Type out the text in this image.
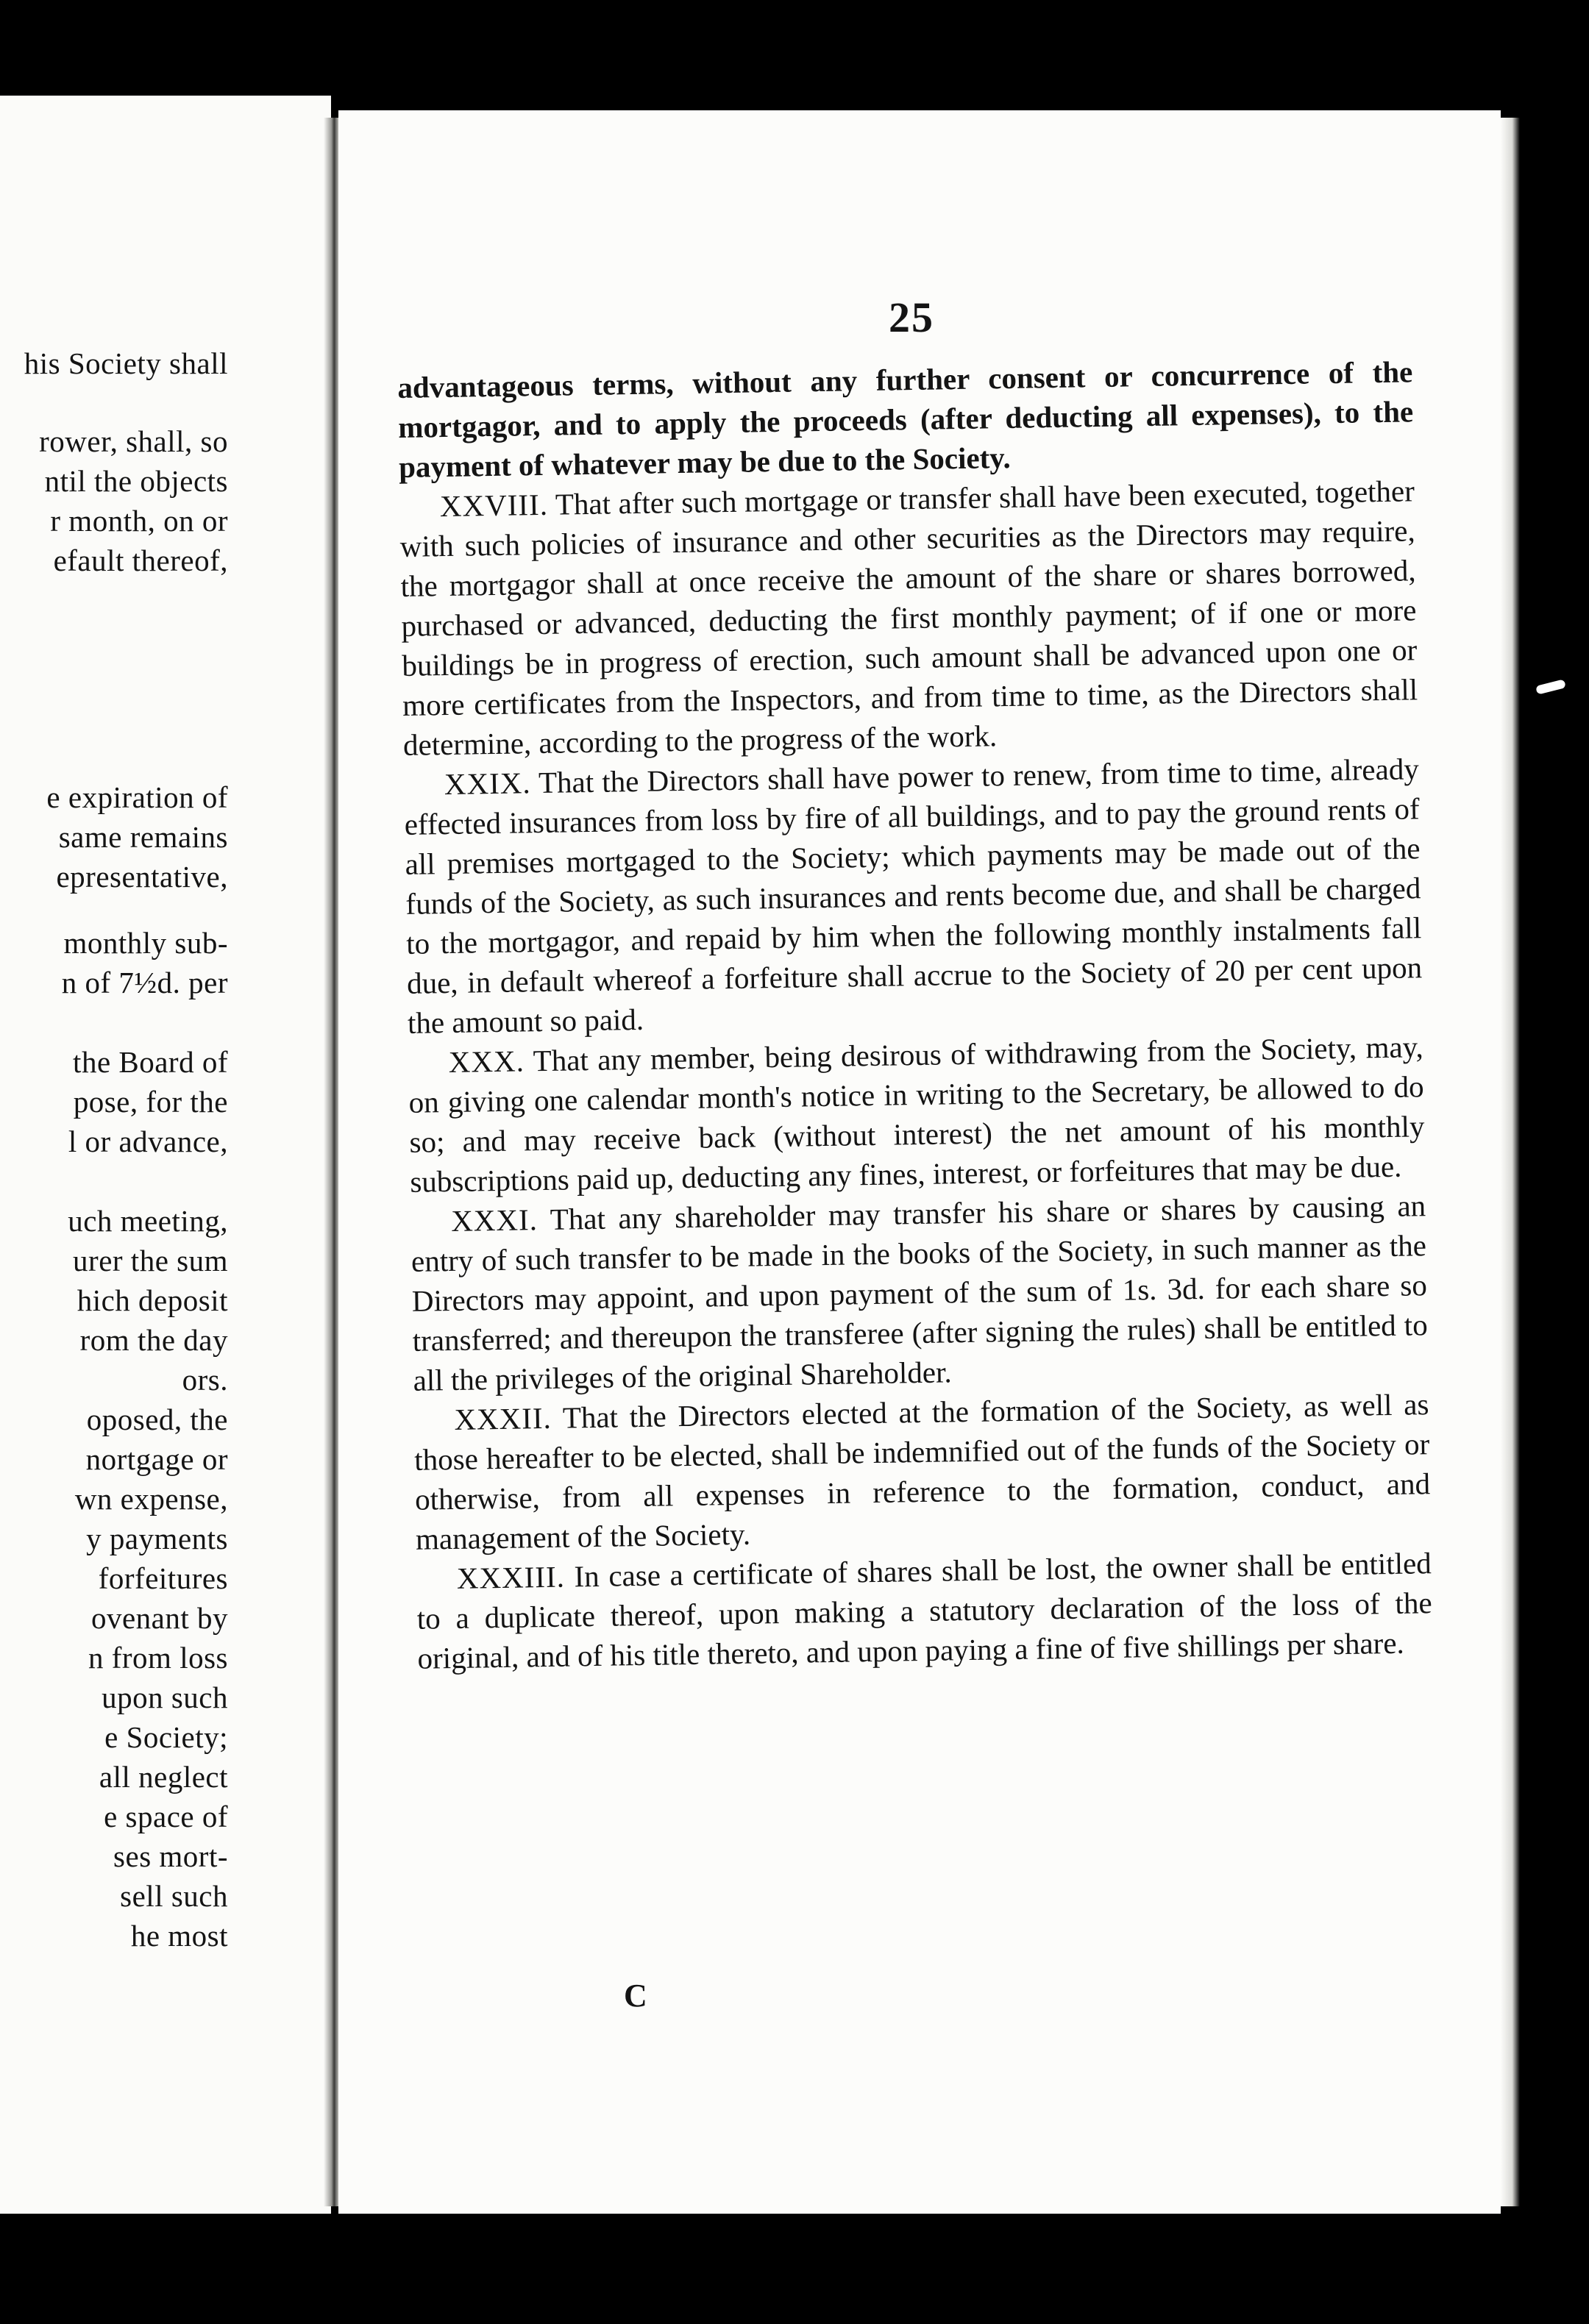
his Society shall
rower, shall, so
ntil the objects
r month, on or
efault thereof,
e expiration of
same remains
epresentative,
monthly sub-
n of 7½d. per
the Board of
pose, for the
l or advance,
uch meeting,
urer the sum
hich deposit
rom the day
ors.
oposed, the
nortgage or
wn expense,
y payments
forfeitures
ovenant by
n from loss
upon such
e Society;
all neglect
e space of
ses mort-
sell such
he most
25

advantageous terms, without any further consent or concurrence of the mortgagor, and to apply the proceeds (after deducting all expenses), to the payment of whatever may be due to the Society.

XXVIII. That after such mortgage or transfer shall have been executed, together with such policies of insurance and other securities as the Directors may require, the mortgagor shall at once receive the amount of the share or shares borrowed, purchased or advanced, deducting the first monthly payment; of if one or more buildings be in progress of erection, such amount shall be advanced upon one or more certificates from the Inspectors, and from time to time, as the Directors shall determine, according to the progress of the work.

XXIX. That the Directors shall have power to renew, from time to time, already effected insurances from loss by fire of all buildings, and to pay the ground rents of all premises mortgaged to the Society; which payments may be made out of the funds of the Society, as such insurances and rents become due, and shall be charged to the mortgagor, and repaid by him when the following monthly instalments fall due, in default whereof a forfeiture shall accrue to the Society of 20 per cent upon the amount so paid.

XXX. That any member, being desirous of withdrawing from the Society, may, on giving one calendar month's notice in writing to the Secretary, be allowed to do so; and may receive back (without interest) the net amount of his monthly subscriptions paid up, deducting any fines, interest, or forfeitures that may be due.

XXXI. That any shareholder may transfer his share or shares by causing an entry of such transfer to be made in the books of the Society, in such manner as the Directors may appoint, and upon payment of the sum of 1s. 3d. for each share so transferred; and thereupon the transferee (after signing the rules) shall be entitled to all the privileges of the original Shareholder.

XXXII. That the Directors elected at the formation of the Society, as well as those hereafter to be elected, shall be indemnified out of the funds of the Society or otherwise, from all expenses in reference to the formation, conduct, and management of the Society.

XXXIII. In case a certificate of shares shall be lost, the owner shall be entitled to a duplicate thereof, upon making a statutory declaration of the loss of the original, and of his title thereto, and upon paying a fine of five shillings per share.

C
